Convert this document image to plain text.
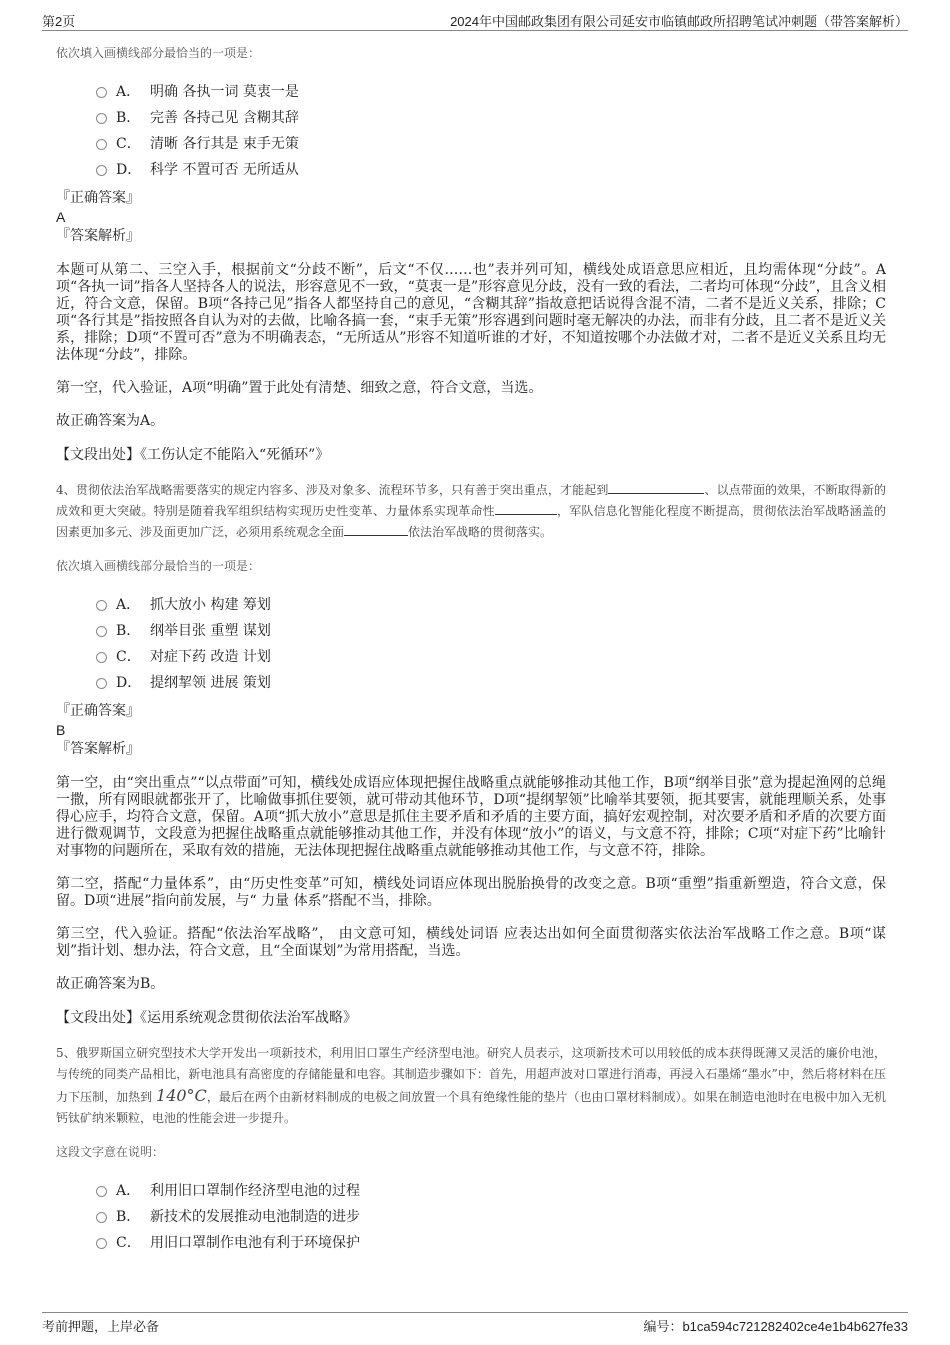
第2页	2024年中国邮政集团有限公司延安市临镇邮政所招聘笔试冲刺题（带答案解析）
依次填入画横线部分最恰当的一项是：
A． 明确 各执一词 莫衷一是
B． 完善 各持己见 含糊其辞
C． 清晰 各行其是 束手无策
D． 科学 不置可否 无所适从
『正确答案』
A
『答案解析』

本题可从第二、三空入手，根据前文“分歧不断”，后文“不仅……也”表并列可知，横线处成语意思应相近，且均需体现“分歧”。A项“各执一词”指各人坚持各人的说法，形容意见不一致，“莫衷一是”形容意见分歧，没有一致的看法，二者均可体现“分歧”，且含义相近，符合文意，保留。B项“各持己见”指各人都坚持自己的意见，“含糊其辞”指故意把话说得含混不清，二者不是近义关系，排除；C项“各行其是”指按照各自认为对的去做，比喻各搞一套，“束手无策”形容遇到问题时毫无解决的办法，而非有分歧，且二者不是近义关系，排除；D项“不置可否”意为不明确表态，“无所适从”形容不知道听谁的才好，不知道按哪个办法做才对，二者不是近义关系且均无法体现“分歧”，排除。

第一空，代入验证，A项“明确”置于此处有清楚、细致之意，符合文意，当选。

故正确答案为A。

【文段出处】《工伤认定不能陷入“死循环”》
4、贯彻依法治军战略需要落实的规定内容多、涉及对象多、流程环节多，只有善于突出重点，才能起到	、以点带面的效果，不断取得新的成效和更大突破。特别是随着我军组织结构实现历史性变革、力量体系实现革命性	，军队信息化智能化程度不断提高，贯彻依法治军战略涵盖的因素更加多元、涉及面更加广泛，必须用系统观念全面	依法治军战略的贯彻落实。
依次填入画横线部分最恰当的一项是：
A． 抓大放小 构建 筹划
B． 纲举目张 重塑 谋划
C． 对症下药 改造 计划
D． 提纲挈领 进展 策划
『正确答案』
B
『答案解析』

第一空，由“突出重点”“以点带面”可知，横线处成语应体现把握住战略重点就能够推动其他工作，B项“纲举目张”意为提起渔网的总绳一撒，所有网眼就都张开了，比喻做事抓住要领，就可带动其他环节，D项“提纲挈领”比喻举其要领，扼其要害，就能理顺关系，处事得心应手，均符合文意，保留。A项“抓大放小”意思是抓住主要矛盾和矛盾的主要方面，搞好宏观控制，对次要矛盾和矛盾的次要方面进行微观调节，文段意为把握住战略重点就能够推动其他工作，并没有体现“放小”的语义，与文意不符，排除；C项“对症下药”比喻针对事物的问题所在，采取有效的措施，无法体现把握住战略重点就能够推动其他工作，与文意不符，排除。

第二空，搭配“力量体系”，由“历史性变革”可知，横线处词语应体现出脱胎换骨的改变之意。B项“重塑”指重新塑造，符合文意，保留。D项“进展”指向前发展，与“ 力量 体系”搭配不当，排除。

第三空，代入验证。搭配“依法治军战略”， 由文意可知，横线处词语 应表达出如何全面贯彻落实依法治军战略工作之意。B项“谋划”指计划、想办法，符合文意，且“全面谋划”为常用搭配，当选。

故正确答案为B。

【文段出处】《运用系统观念贯彻依法治军战略》
5、俄罗斯国立研究型技术大学开发出一项新技术，利用旧口罩生产经济型电池。研究人员表示，这项新技术可以用较低的成本获得既薄又灵活的廉价电池，与传统的同类产品相比，新电池具有高密度的存储能量和电容。其制造步骤如下：首先，用超声波对口罩进行消毒，再浸入石墨烯“墨水”中，然后将材料在压力下压制，加热到 140°C，最后在两个由新材料制成的电极之间放置一个具有绝缘性能的垫片（也由口罩材料制成）。如果在制造电池时在电极中加入无机钙钛矿纳米颗粒，电池的性能会进一步提升。
这段文字意在说明：
A． 利用旧口罩制作经济型电池的过程
B． 新技术的发展推动电池制造的进步
C． 用旧口罩制作电池有利于环境保护
考前押题，上岸必备	编号：b1ca594c721282402ce4e1b4b627fe33
